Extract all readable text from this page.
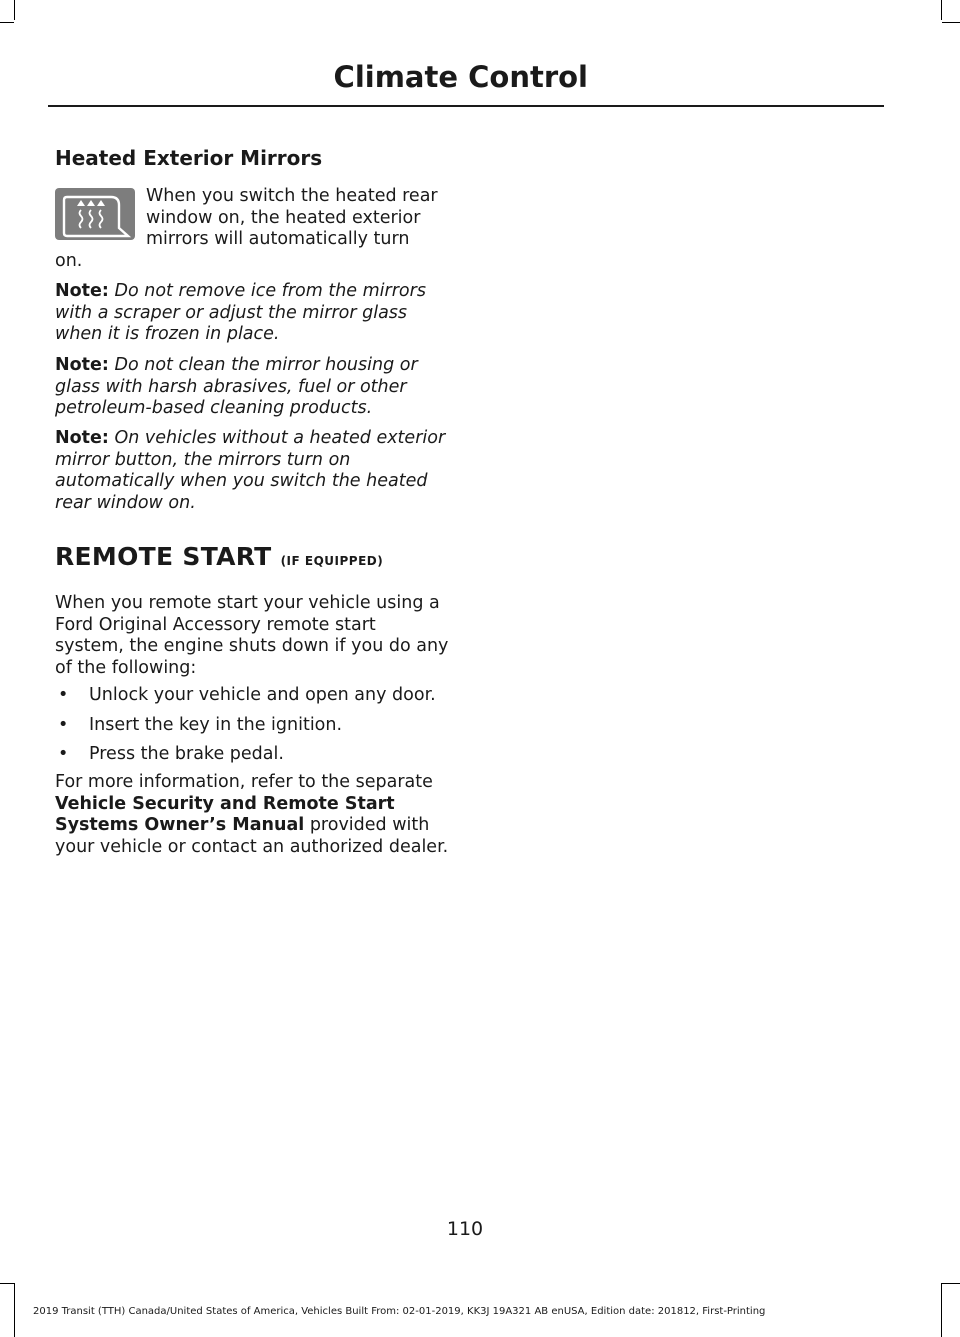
Climate Control
Heated Exterior Mirrors

When you switch the heated rear

window on, the heated exterior

mirrors will automatically turn

on.

Note: Do not remove ice from the mirrors with a scraper or adjust the mirror glass when it is frozen in place.

Note: Do not clean the mirror housing or glass with harsh abrasives, fuel or other petroleum-based cleaning products.

Note: On vehicles without a heated exterior mirror button, the mirrors turn on automatically when you switch the heated rear window on.

REMOTE START (IF EQUIPPED)

When you remote start your vehicle using a Ford Original Accessory remote start system, the engine shuts down if you do any of the following:

• Unlock your vehicle and open any door.
• Insert the key in the ignition.
• Press the brake pedal.

For more information, refer to the separate Vehicle Security and Remote Start Systems Owner’s Manual provided with your vehicle or contact an authorized dealer.

110
2019 Transit (TTH) Canada/United States of America, Vehicles Built From: 02-01-2019, KK3J 19A321 AB enUSA, Edition date: 201812, First-Printing
